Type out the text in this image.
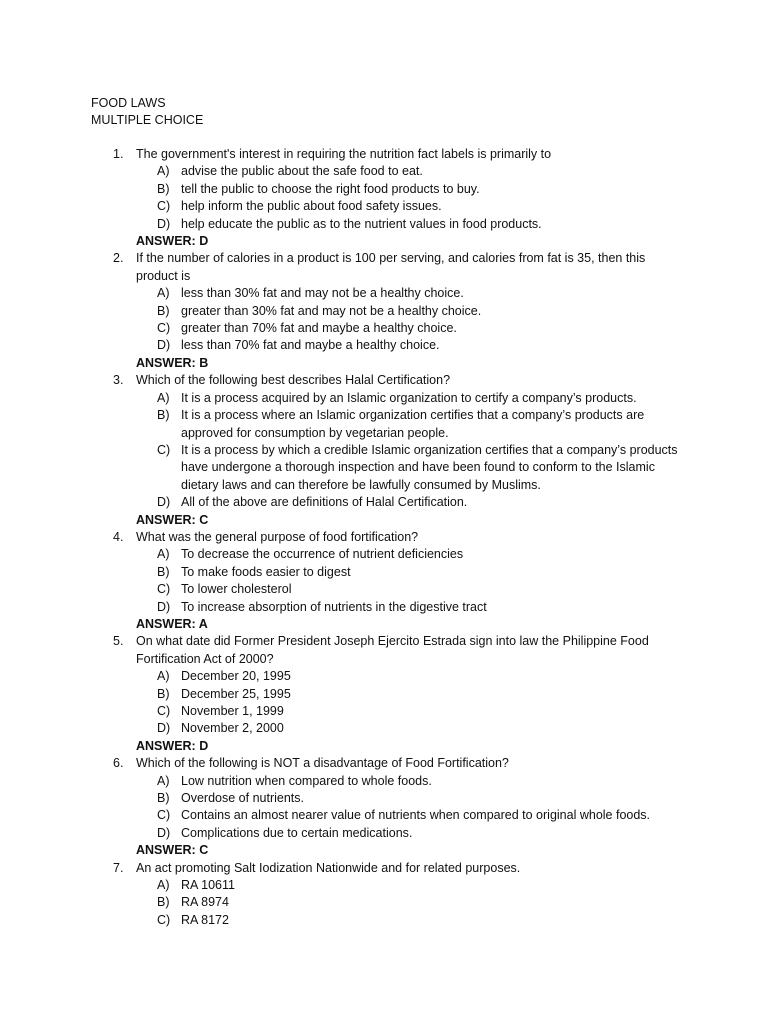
FOOD LAWS
MULTIPLE CHOICE
1. The government's interest in requiring the nutrition fact labels is primarily to
A) advise the public about the safe food to eat.
B) tell the public to choose the right food products to buy.
C) help inform the public about food safety issues.
D) help educate the public as to the nutrient values in food products.
ANSWER: D
2. If the number of calories in a product is 100 per serving, and calories from fat is 35, then this product is
A) less than 30% fat and may not be a healthy choice.
B) greater than 30% fat and may not be a healthy choice.
C) greater than 70% fat and maybe a healthy choice.
D) less than 70% fat and maybe a healthy choice.
ANSWER: B
3. Which of the following best describes Halal Certification?
A) It is a process acquired by an Islamic organization to certify a company’s products.
B) It is a process where an Islamic organization certifies that a company’s products are approved for consumption by vegetarian people.
C) It is a process by which a credible Islamic organization certifies that a company’s products have undergone a thorough inspection and have been found to conform to the Islamic dietary laws and can therefore be lawfully consumed by Muslims.
D) All of the above are definitions of Halal Certification.
ANSWER: C
4. What was the general purpose of food fortification?
A) To decrease the occurrence of nutrient deficiencies
B) To make foods easier to digest
C) To lower cholesterol
D) To increase absorption of nutrients in the digestive tract
ANSWER: A
5. On what date did Former President Joseph Ejercito Estrada sign into law the Philippine Food Fortification Act of 2000?
A) December 20, 1995
B) December 25, 1995
C) November 1, 1999
D) November 2, 2000
ANSWER: D
6. Which of the following is NOT a disadvantage of Food Fortification?
A) Low nutrition when compared to whole foods.
B) Overdose of nutrients.
C) Contains an almost nearer value of nutrients when compared to original whole foods.
D) Complications due to certain medications.
ANSWER: C
7. An act promoting Salt Iodization Nationwide and for related purposes.
A) RA 10611
B) RA 8974
C) RA 8172
